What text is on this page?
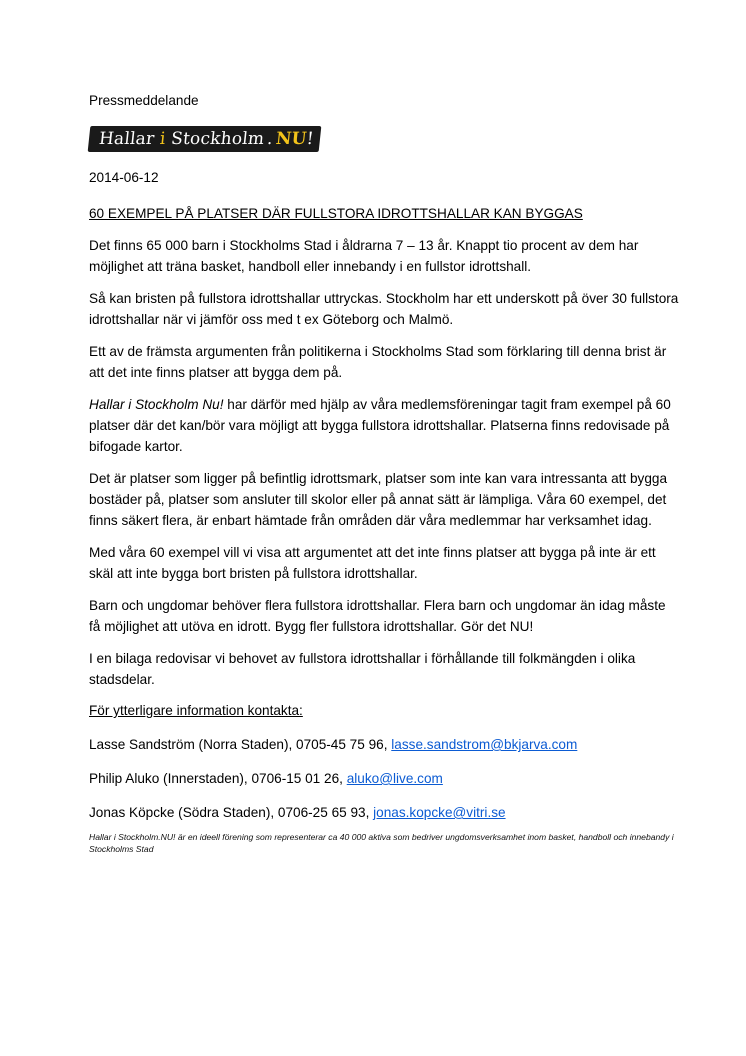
Pressmeddelande

Hallar
i
Stockholm . NU
!

2014-06-12

60 EXEMPEL PÅ PLATSER DÄR FULLSTORA IDROTTSHALLAR KAN BYGGAS

Det finns 65 000 barn i Stockholms Stad i åldrarna 7 – 13 år. Knappt tio procent av dem har möjlighet att träna basket, handboll eller innebandy i en fullstor idrottshall.

Så kan bristen på fullstora idrottshallar uttryckas. Stockholm har ett underskott på över 30 fullstora idrottshallar när vi jämför oss med t ex Göteborg och Malmö.

Ett av de främsta argumenten från politikerna i Stockholms Stad som förklaring till denna brist är att det inte finns platser att bygga dem på.

Hallar i Stockholm Nu! har därför med hjälp av våra medlemsföreningar tagit fram exempel på 60 platser där det kan/bör vara möjligt att bygga fullstora idrottshallar. Platserna finns redovisade på bifogade kartor.

Det är platser som ligger på befintlig idrottsmark, platser som inte kan vara intressanta att bygga bostäder på, platser som ansluter till skolor eller på annat sätt är lämpliga. Våra 60 exempel, det finns säkert flera, är enbart hämtade från områden där våra medlemmar har verksamhet idag.

Med våra 60 exempel vill vi visa att argumentet att det inte finns platser att bygga på inte är ett skäl att inte bygga bort bristen på fullstora idrottshallar.

Barn och ungdomar behöver flera fullstora idrottshallar. Flera barn och ungdomar än idag måste få möjlighet att utöva en idrott. Bygg fler fullstora idrottshallar. Gör det NU!

I en bilaga redovisar vi behovet av fullstora idrottshallar i förhållande till folkmängden i olika stadsdelar.

För ytterligare information kontakta:

Lasse Sandström (Norra Staden), 0705-45 75 96, lasse.sandstrom@bkjarva.com

Philip Aluko (Innerstaden), 0706-15 01 26, aluko@live.com

Jonas Köpcke (Södra Staden), 0706-25 65 93, jonas.kopcke@vitri.se

Hallar i Stockholm.NU! är en ideell förening som representerar ca 40 000 aktiva som bedriver ungdomsverksamhet inom basket, handboll och innebandy i Stockholms Stad
